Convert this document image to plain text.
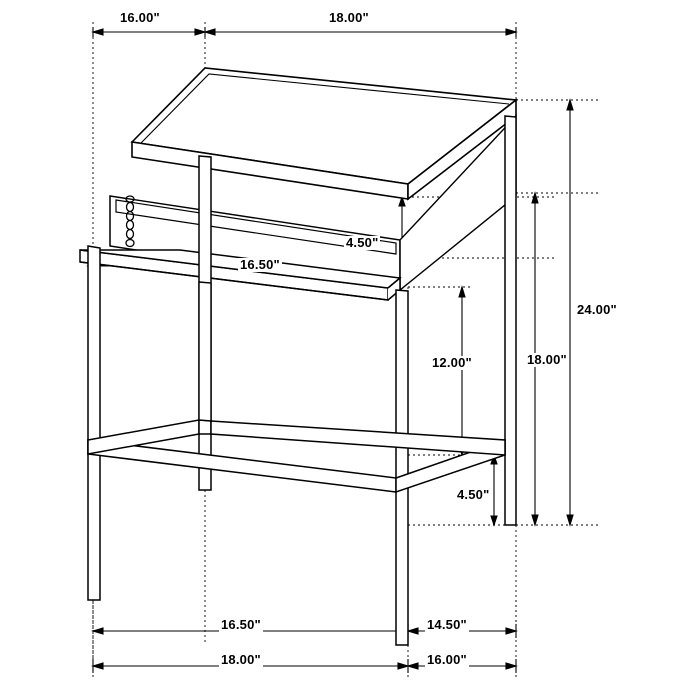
16.00"	18.00"
24.00"
18.00"
4.50"
16.50"
12.00"
4.50"
16.50"	14.50"
18.00"	16.00"
